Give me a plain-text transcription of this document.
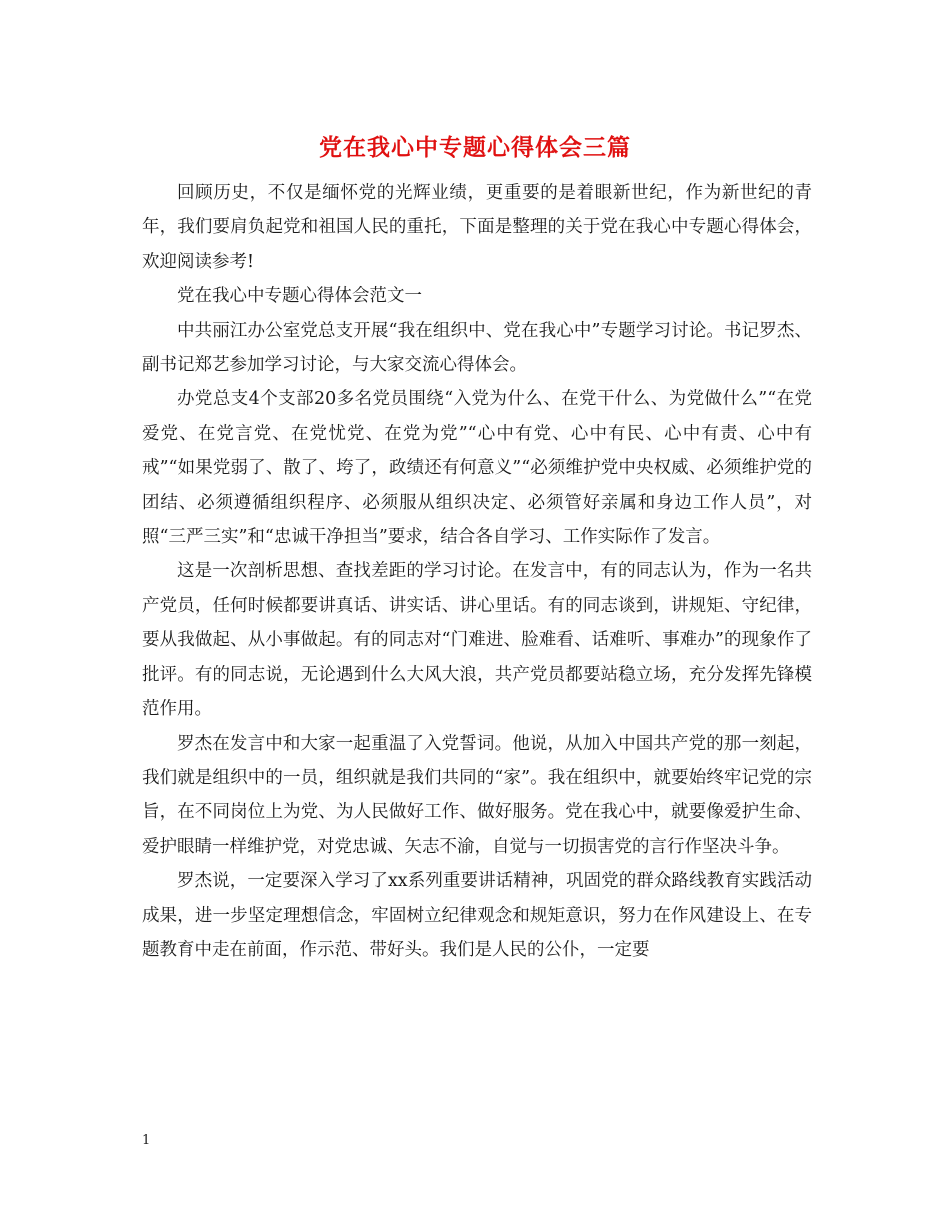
党在我心中专题心得体会三篇

回顾历史，不仅是缅怀党的光辉业绩，更重要的是着眼新世纪，作为新世纪的青年，我们要肩负起党和祖国人民的重托，下面是整理的关于党在我心中专题心得体会，欢迎阅读参考!

党在我心中专题心得体会范文一

中共丽江办公室党总支开展“我在组织中、党在我心中”专题学习讨论。书记罗杰、副书记郑艺参加学习讨论，与大家交流心得体会。

办党总支4个支部20多名党员围绕“入党为什么、在党干什么、为党做什么”“在党爱党、在党言党、在党忧党、在党为党”“心中有党、心中有民、心中有责、心中有戒”“如果党弱了、散了、垮了，政绩还有何意义”“必须维护党中央权威、必须维护党的团结、必须遵循组织程序、必须服从组织决定、必须管好亲属和身边工作人员”，对照“三严三实”和“忠诚干净担当”要求，结合各自学习、工作实际作了发言。

这是一次剖析思想、查找差距的学习讨论。在发言中，有的同志认为，作为一名共产党员，任何时候都要讲真话、讲实话、讲心里话。有的同志谈到，讲规矩、守纪律，要从我做起、从小事做起。有的同志对“门难进、脸难看、话难听、事难办”的现象作了批评。有的同志说，无论遇到什么大风大浪，共产党员都要站稳立场，充分发挥先锋模范作用。

罗杰在发言中和大家一起重温了入党誓词。他说，从加入中国共产党的那一刻起，我们就是组织中的一员，组织就是我们共同的“家”。我在组织中，就要始终牢记党的宗旨，在不同岗位上为党、为人民做好工作、做好服务。党在我心中，就要像爱护生命、爱护眼睛一样维护党，对党忠诚、矢志不渝，自觉与一切损害党的言行作坚决斗争。

罗杰说，一定要深入学习了xx系列重要讲话精神，巩固党的群众路线教育实践活动成果，进一步坚定理想信念，牢固树立纪律观念和规矩意识，努力在作风建设上、在专题教育中走在前面，作示范、带好头。我们是人民的公仆，一定要

1
